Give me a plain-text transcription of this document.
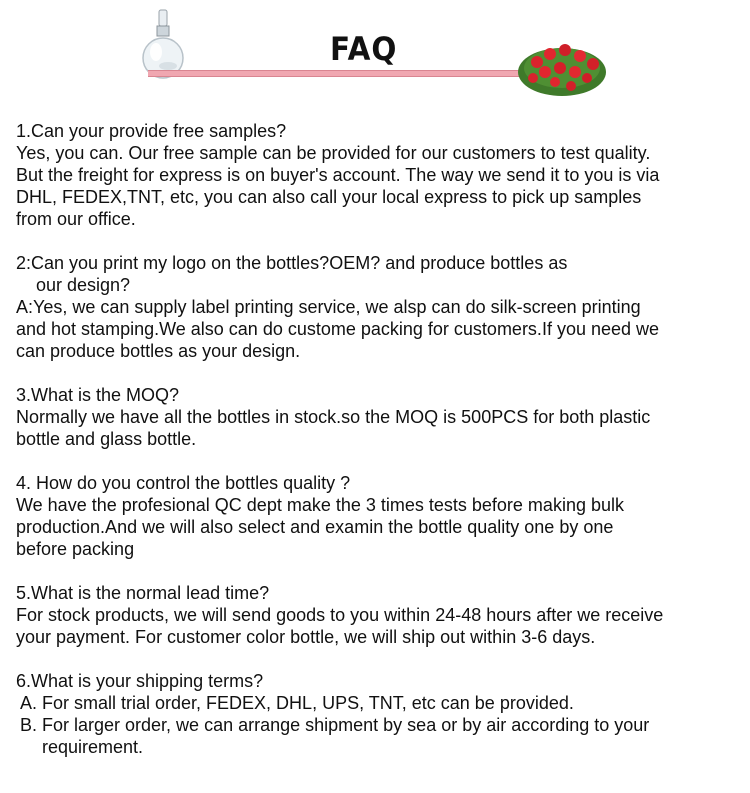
FAQ
1.Can your provide free samples?
Yes, you can. Our free sample can be provided for our customers to test quality.
But the freight for express is on buyer's account. The way we send it to you is via
DHL, FEDEX,TNT, etc, you can also call your local express to pick up samples
from our office.
2:Can you print my logo on the bottles?OEM? and produce bottles as
our design?
A:Yes, we can supply label printing service, we alsp can do silk-screen printing
and hot stamping.We also can do custome packing for customers.If you need we
can produce bottles as your design.
3.What is the MOQ?
Normally we have all the bottles in stock.so the MOQ is 500PCS for both plastic
bottle and glass bottle.
4. How do you control the bottles quality ?
We have the profesional QC dept make the 3 times tests before making bulk
production.And we will also select and examin the bottle quality one by one
before packing
5.What is the normal lead time?
For stock products, we will send goods to you within 24-48 hours after we receive
your payment. For customer color bottle, we will ship out within 3-6 days.
6.What is your shipping terms?
A. For small trial order, FEDEX, DHL, UPS, TNT, etc can be provided.
B. For larger order, we can arrange shipment by sea or by air according to your
requirement.
